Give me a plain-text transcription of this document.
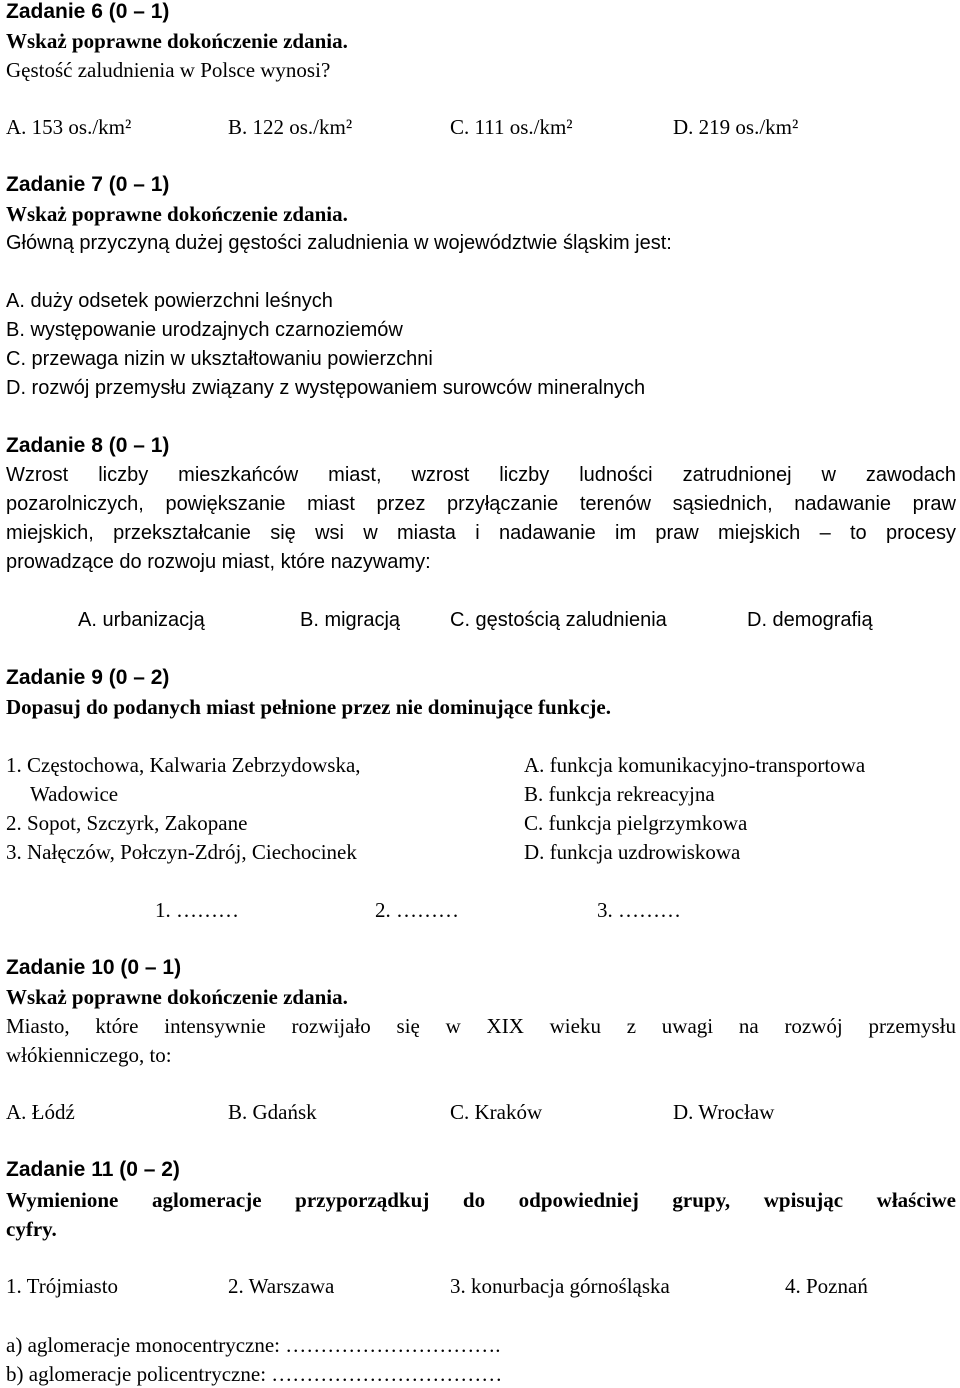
Zadanie 6 (0 – 1)
Wskaż poprawne dokończenie zdania.
Gęstość zaludnienia w Polsce wynosi?
A. 153 os./km²	B. 122 os./km²	C. 111 os./km²	D. 219 os./km²
Zadanie 7 (0 – 1)
Wskaż poprawne dokończenie zdania.
Główną przyczyną dużej gęstości zaludnienia w województwie śląskim jest:
A. duży odsetek powierzchni leśnych
B. występowanie urodzajnych czarnoziemów
C. przewaga nizin w ukształtowaniu powierzchni
D. rozwój przemysłu związany z występowaniem surowców mineralnych
Zadanie 8 (0 – 1)
Wzrost liczby mieszkańców miast, wzrost liczby ludności zatrudnionej w zawodach
pozarolniczych, powiększanie miast przez przyłączanie terenów sąsiednich, nadawanie praw
miejskich, przekształcanie się wsi w miasta i nadawanie im praw miejskich – to procesy
prowadzące do rozwoju miast, które nazywamy:
A. urbanizacją	B. migracją C. gęstością zaludnienia	D. demografią
Zadanie 9 (0 – 2)
Dopasuj do podanych miast pełnione przez nie dominujące funkcje.
1. Częstochowa, Kalwaria Zebrzydowska,
Wadowice
2. Sopot, Szczyrk, Zakopane
3. Nałęczów, Połczyn-Zdrój, Ciechocinek
A. funkcja komunikacyjno-transportowa
B. funkcja rekreacyjna
C. funkcja pielgrzymkowa
D. funkcja uzdrowiskowa
1. ………	2. ………	3. ………
Zadanie 10 (0 – 1)
Wskaż poprawne dokończenie zdania.
Miasto, które intensywnie rozwijało się w XIX wieku z uwagi na rozwój przemysłu
włókienniczego, to:
A. Łódź	B. Gdańsk	C. Kraków	D. Wrocław
Zadanie 11 (0 – 2)
Wymienione aglomeracje przyporządkuj do odpowiedniej grupy, wpisując właściwe
cyfry.
1. Trójmiasto	2. Warszawa	3. konurbacja górnośląska	4. Poznań
a) aglomeracje monocentryczne: ………………………….
b) aglomeracje policentryczne: ……………………………
